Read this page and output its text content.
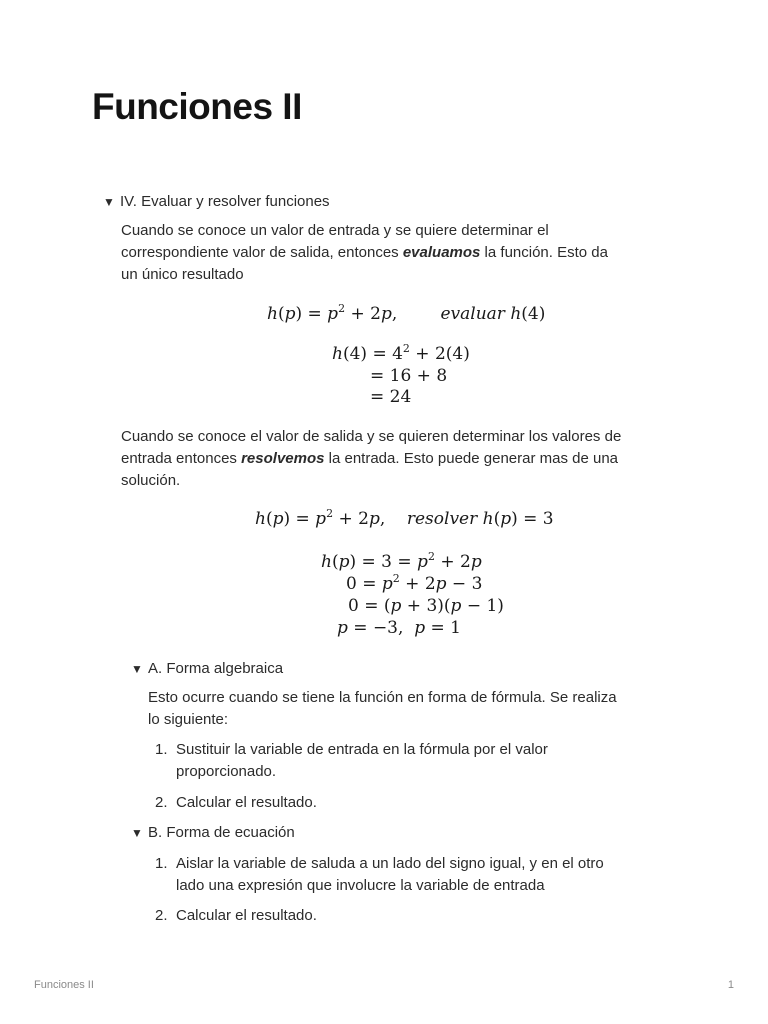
Funciones II
▼ IV. Evaluar y resolver funciones
Cuando se conoce un valor de entrada y se quiere determinar el
correspondiente valor de salida, entonces evaluamos la función. Esto da
un único resultado
$h(p) = p^2 + 2p$,        evaluar h(4)
$h(4) = 4^2 + 2(4)$
= 16 + 8
= 24
Cuando se conoce el valor de salida y se quieren determinar los valores de
entrada entonces resolvemos la entrada. Esto puede generar mas de una
solución.
$h(p) = p^2 + 2p$,    resolver h(p) = 3
$h(p) = 3 = p^2 + 2p$
$0 = p^2 + 2p - 3$
0 = (p + 3)(p − 1)
p = −3,  p = 1
▼ A. Forma algebraica
Esto ocurre cuando se tiene la función en forma de fórmula. Se realiza
lo siguiente:
1. Sustituir la variable de entrada en la fórmula por el valor
proporcionado.
2. Calcular el resultado.
▼ B. Forma de ecuación
1. Aislar la variable de saluda a un lado del signo igual, y en el otro
lado una expresión que involucre la variable de entrada
2. Calcular el resultado.
Funciones II	1
